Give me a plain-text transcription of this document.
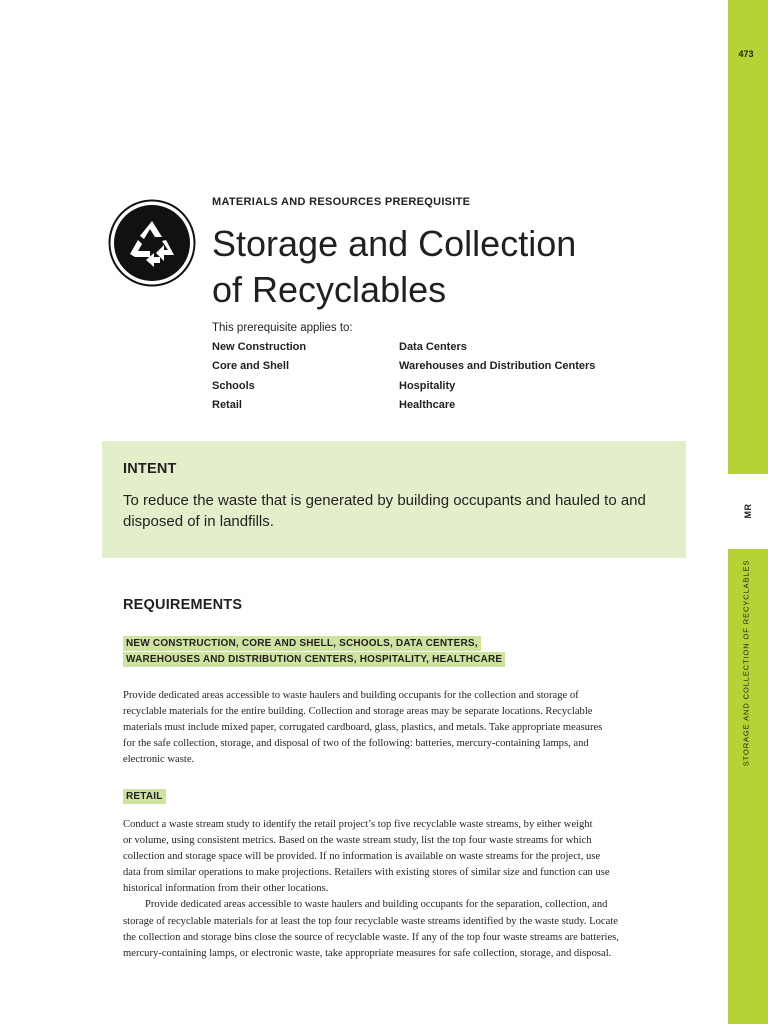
473
MR
STORAGE AND COLLECTION OF RECYCLABLES
MATERIALS AND RESOURCES PREREQUISITE
Storage and Collection
of Recyclables
This prerequisite applies to:
New Construction
Core and Shell
Schools
Retail
Data Centers
Warehouses and Distribution Centers
Hospitality
Healthcare
INTENT
To reduce the waste that is generated by building occupants and hauled to and disposed of in landfills.
REQUIREMENTS
NEW CONSTRUCTION, CORE AND SHELL, SCHOOLS, DATA CENTERS,
WAREHOUSES AND DISTRIBUTION CENTERS, HOSPITALITY, HEALTHCARE

Provide dedicated areas accessible to waste haulers and building occupants for the collection and storage of
recyclable materials for the entire building. Collection and storage areas may be separate locations. Recyclable
materials must include mixed paper, corrugated cardboard, glass, plastics, and metals. Take appropriate measures
for the safe collection, storage, and disposal of two of the following: batteries, mercury-containing lamps, and
electronic waste.

RETAIL

Conduct a waste stream study to identify the retail project’s top five recyclable waste streams, by either weight
or volume, using consistent metrics. Based on the waste stream study, list the top four waste streams for which
collection and storage space will be provided. If no information is available on waste streams for the project, use
data from similar operations to make projections. Retailers with existing stores of similar size and function can use
historical information from their other locations.
Provide dedicated areas accessible to waste haulers and building occupants for the separation, collection, and
storage of recyclable materials for at least the top four recyclable waste streams identified by the waste study. Locate
the collection and storage bins close the source of recyclable waste. If any of the top four waste streams are batteries,
mercury-containing lamps, or electronic waste, take appropriate measures for safe collection, storage, and disposal.
